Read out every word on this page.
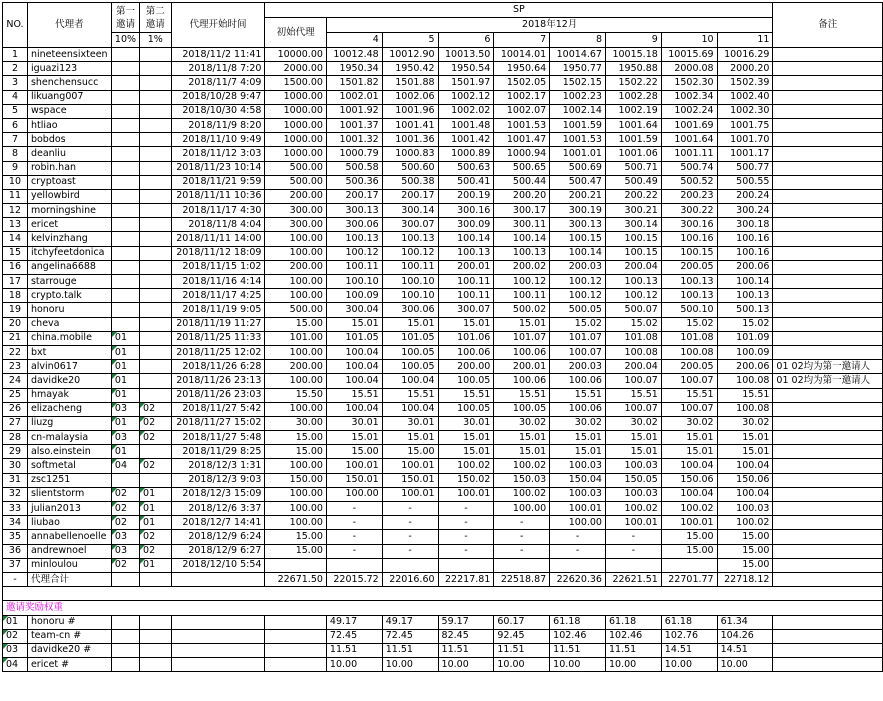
NO.	代理者	第一邀请	第二邀请	代理开始时间	SP									备注
					初始代理	2018年12月								
		10%	1%			4	5	6	7	8	9	10	11	
1	nineteensixteen			2018/11/2 11:41	10000.00	10012.48	10012.90	10013.50	10014.01	10014.67	10015.18	10015.69	10016.29	
2	iguazi123			2018/11/8 7:20	2000.00	1950.34	1950.42	1950.54	1950.64	1950.77	1950.88	2000.08	2000.20	
3	shenchensucc			2018/11/7 4:09	1500.00	1501.82	1501.88	1501.97	1502.05	1502.15	1502.22	1502.30	1502.39	
4	likuang007			2018/10/28 9:47	1000.00	1002.01	1002.06	1002.12	1002.17	1002.23	1002.28	1002.34	1002.40	
5	wspace			2018/10/30 4:58	1000.00	1001.92	1001.96	1002.02	1002.07	1002.14	1002.19	1002.24	1002.30	
6	htliao			2018/11/9 8:20	1000.00	1001.37	1001.41	1001.48	1001.53	1001.59	1001.64	1001.69	1001.75	
7	bobdos			2018/11/10 9:49	1000.00	1001.32	1001.36	1001.42	1001.47	1001.53	1001.59	1001.64	1001.70	
8	deanliu			2018/11/12 3:03	1000.00	1000.79	1000.83	1000.89	1000.94	1001.01	1001.06	1001.11	1001.17	
9	robin.han			2018/11/23 10:14	500.00	500.58	500.60	500.63	500.65	500.69	500.71	500.74	500.77	
10	cryptoast			2018/11/21 9:59	500.00	500.36	500.38	500.41	500.44	500.47	500.49	500.52	500.55	
11	yellowbird			2018/11/11 10:36	200.00	200.17	200.17	200.19	200.20	200.21	200.22	200.23	200.24	
12	morningshine			2018/11/17 4:30	300.00	300.13	300.14	300.16	300.17	300.19	300.21	300.22	300.24	
13	ericet			2018/11/8 4:04	300.00	300.06	300.07	300.09	300.11	300.13	300.14	300.16	300.18	
14	kelvinzhang			2018/11/11 14:00	100.00	100.13	100.13	100.14	100.14	100.15	100.15	100.16	100.16	
15	itchyfeetdonica			2018/11/12 18:09	100.00	100.12	100.12	100.13	100.13	100.14	100.15	100.15	100.16	
16	angelina6688			2018/11/15 1:02	200.00	100.11	100.11	200.01	200.02	200.03	200.04	200.05	200.06	
17	starrouge			2018/11/16 4:14	100.00	100.10	100.10	100.11	100.12	100.12	100.13	100.13	100.14	
18	crypto.talk			2018/11/17 4:25	100.00	100.09	100.10	100.11	100.11	100.12	100.12	100.13	100.13	
19	honoru			2018/11/19 9:05	500.00	300.04	300.06	300.07	500.02	500.05	500.07	500.10	500.13	
20	cheva			2018/11/19 11:27	15.00	15.01	15.01	15.01	15.01	15.02	15.02	15.02	15.02	
21	china.mobile	01		2018/11/25 11:33	101.00	101.05	101.05	101.06	101.07	101.07	101.08	101.08	101.09	
22	bxt	01		2018/11/25 12:02	100.00	100.04	100.05	100.06	100.06	100.07	100.08	100.08	100.09	
23	alvin0617	01		2018/11/26 6:28	200.00	100.04	100.05	200.00	200.01	200.03	200.04	200.05	200.06	01 02均为第一邀请人
24	davidke20	01		2018/11/26 23:13	100.00	100.04	100.04	100.05	100.06	100.06	100.07	100.07	100.08	01 02均为第一邀请人
25	hmayak	01		2018/11/26 23:03	15.50	15.51	15.51	15.51	15.51	15.51	15.51	15.51	15.51	
26	elizacheng	03	02	2018/11/27 5:42	100.00	100.04	100.04	100.05	100.05	100.06	100.07	100.07	100.08	
27	liuzg	01	02	2018/11/27 15:02	30.00	30.01	30.01	30.01	30.02	30.02	30.02	30.02	30.02	
28	cn-malaysia	03	02	2018/11/27 5:48	15.00	15.01	15.01	15.01	15.01	15.01	15.01	15.01	15.01	
29	also.einstein	01		2018/11/29 8:25	15.00	15.00	15.00	15.01	15.01	15.01	15.01	15.01	15.01	
30	softmetal	04	02	2018/12/3 1:31	100.00	100.01	100.01	100.02	100.02	100.03	100.03	100.04	100.04	
31	zsc1251			2018/12/3 9:03	150.00	150.01	150.01	150.02	150.03	150.04	150.05	150.06	150.06	
32	slientstorm	02	01	2018/12/3 15:09	100.00	100.00	100.01	100.01	100.02	100.03	100.03	100.04	100.04	
33	julian2013	02	01	2018/12/6 3:37	100.00	-	-	-	100.00	100.01	100.02	100.02	100.03	
34	liubao	02	01	2018/12/7 14:41	100.00	-	-	-	-	100.00	100.01	100.01	100.02	
35	annabellenoelle	03	02	2018/12/9 6:24	15.00	-	-	-	-	-	-	15.00	15.00	
36	andrewnoel	03	02	2018/12/9 6:27	15.00	-	-	-	-	-	-	15.00	15.00	
37	minloulou	02	01	2018/12/10 5:54									15.00	
-	代理合计				22671.50	22015.72	22016.60	22217.81	22518.87	22620.36	22621.51	22701.77	22718.12	

邀请奖励权重														
01	honoru #					49.17	49.17	59.17	60.17	61.18	61.18	61.18	61.34	
02	team-cn #					72.45	72.45	82.45	92.45	102.46	102.46	102.76	104.26	
03	davidke20 #					11.51	11.51	11.51	11.51	11.51	11.51	14.51	14.51	
04	ericet #					10.00	10.00	10.00	10.00	10.00	10.00	10.00	10.00	
